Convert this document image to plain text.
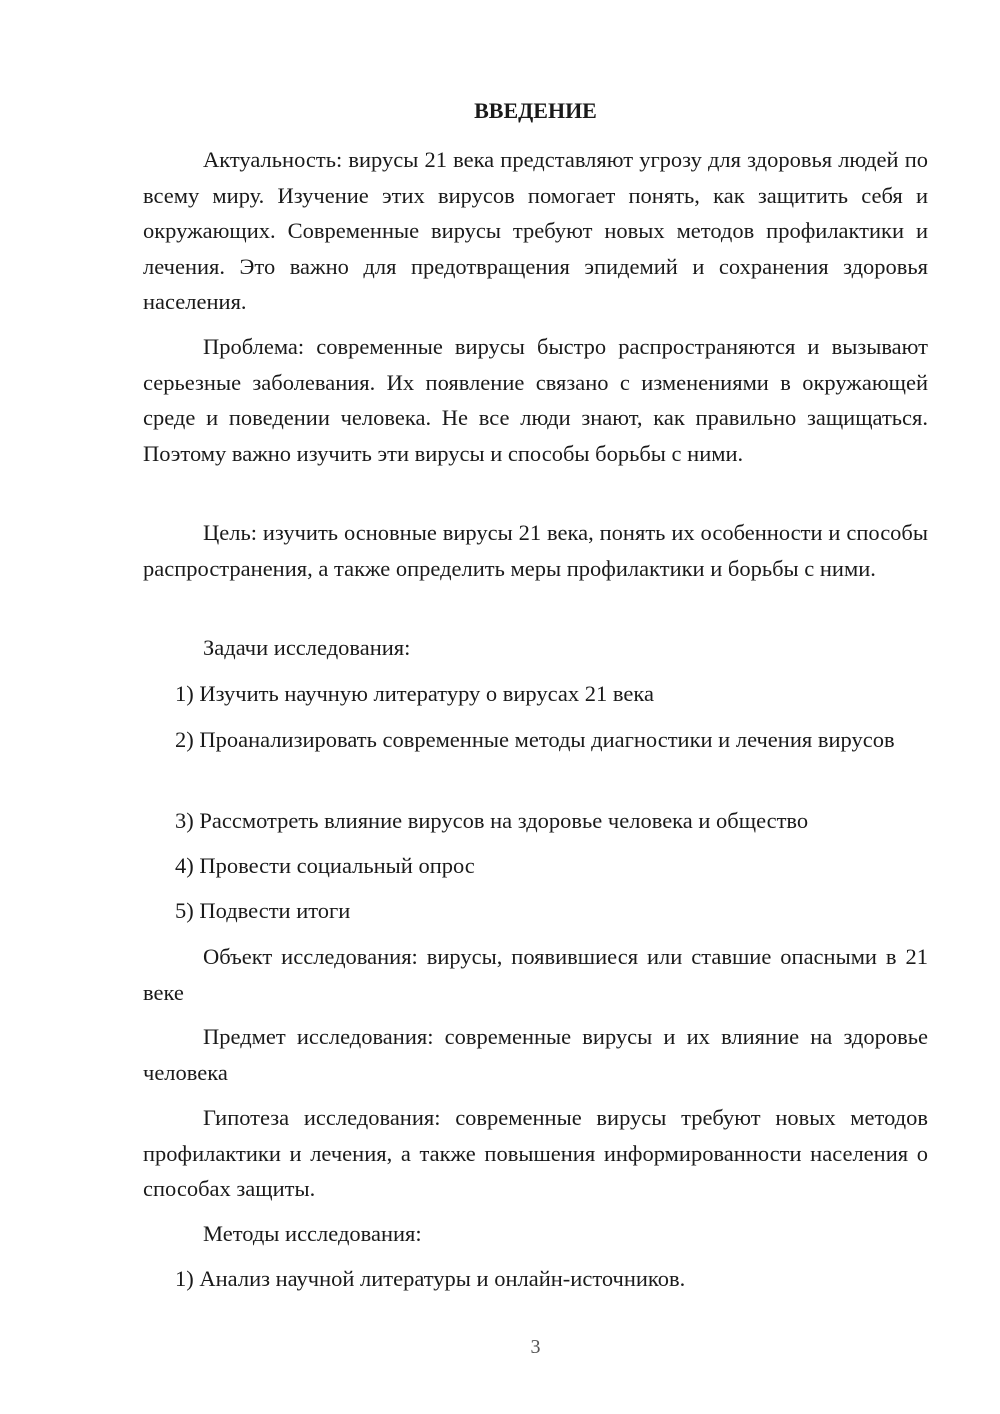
ВВЕДЕНИЕ

Актуальность: вирусы 21 века представляют угрозу для здоровья людей по всему миру. Изучение этих вирусов помогает понять, как защитить себя и окружающих. Современные вирусы требуют новых методов профилактики и лечения. Это важно для предотвращения эпидемий и сохранения здоровья населения.

Проблема: современные вирусы быстро распространяются и вызывают серьезные заболевания. Их появление связано с изменениями в окружающей среде и поведении человека. Не все люди знают, как правильно защищаться. Поэтому важно изучить эти вирусы и способы борьбы с ними.

Цель: изучить основные вирусы 21 века, понять их особенности и способы распространения, а также определить меры профилактики и борьбы с ними.

Задачи исследования:

1) Изучить научную литературу о вирусах 21 века

2) Проанализировать современные методы диагностики и лечения вирусов

3) Рассмотреть влияние вирусов на здоровье человека и общество

4) Провести социальный опрос

5) Подвести итоги

Объект исследования: вирусы, появившиеся или ставшие опасными в 21 веке

Предмет исследования: современные вирусы и их влияние на здоровье человека

Гипотеза исследования: современные вирусы требуют новых методов профилактики и лечения, а также повышения информированности населения о способах защиты.

Методы исследования:

1) Анализ научной литературы и онлайн-источников.

3
